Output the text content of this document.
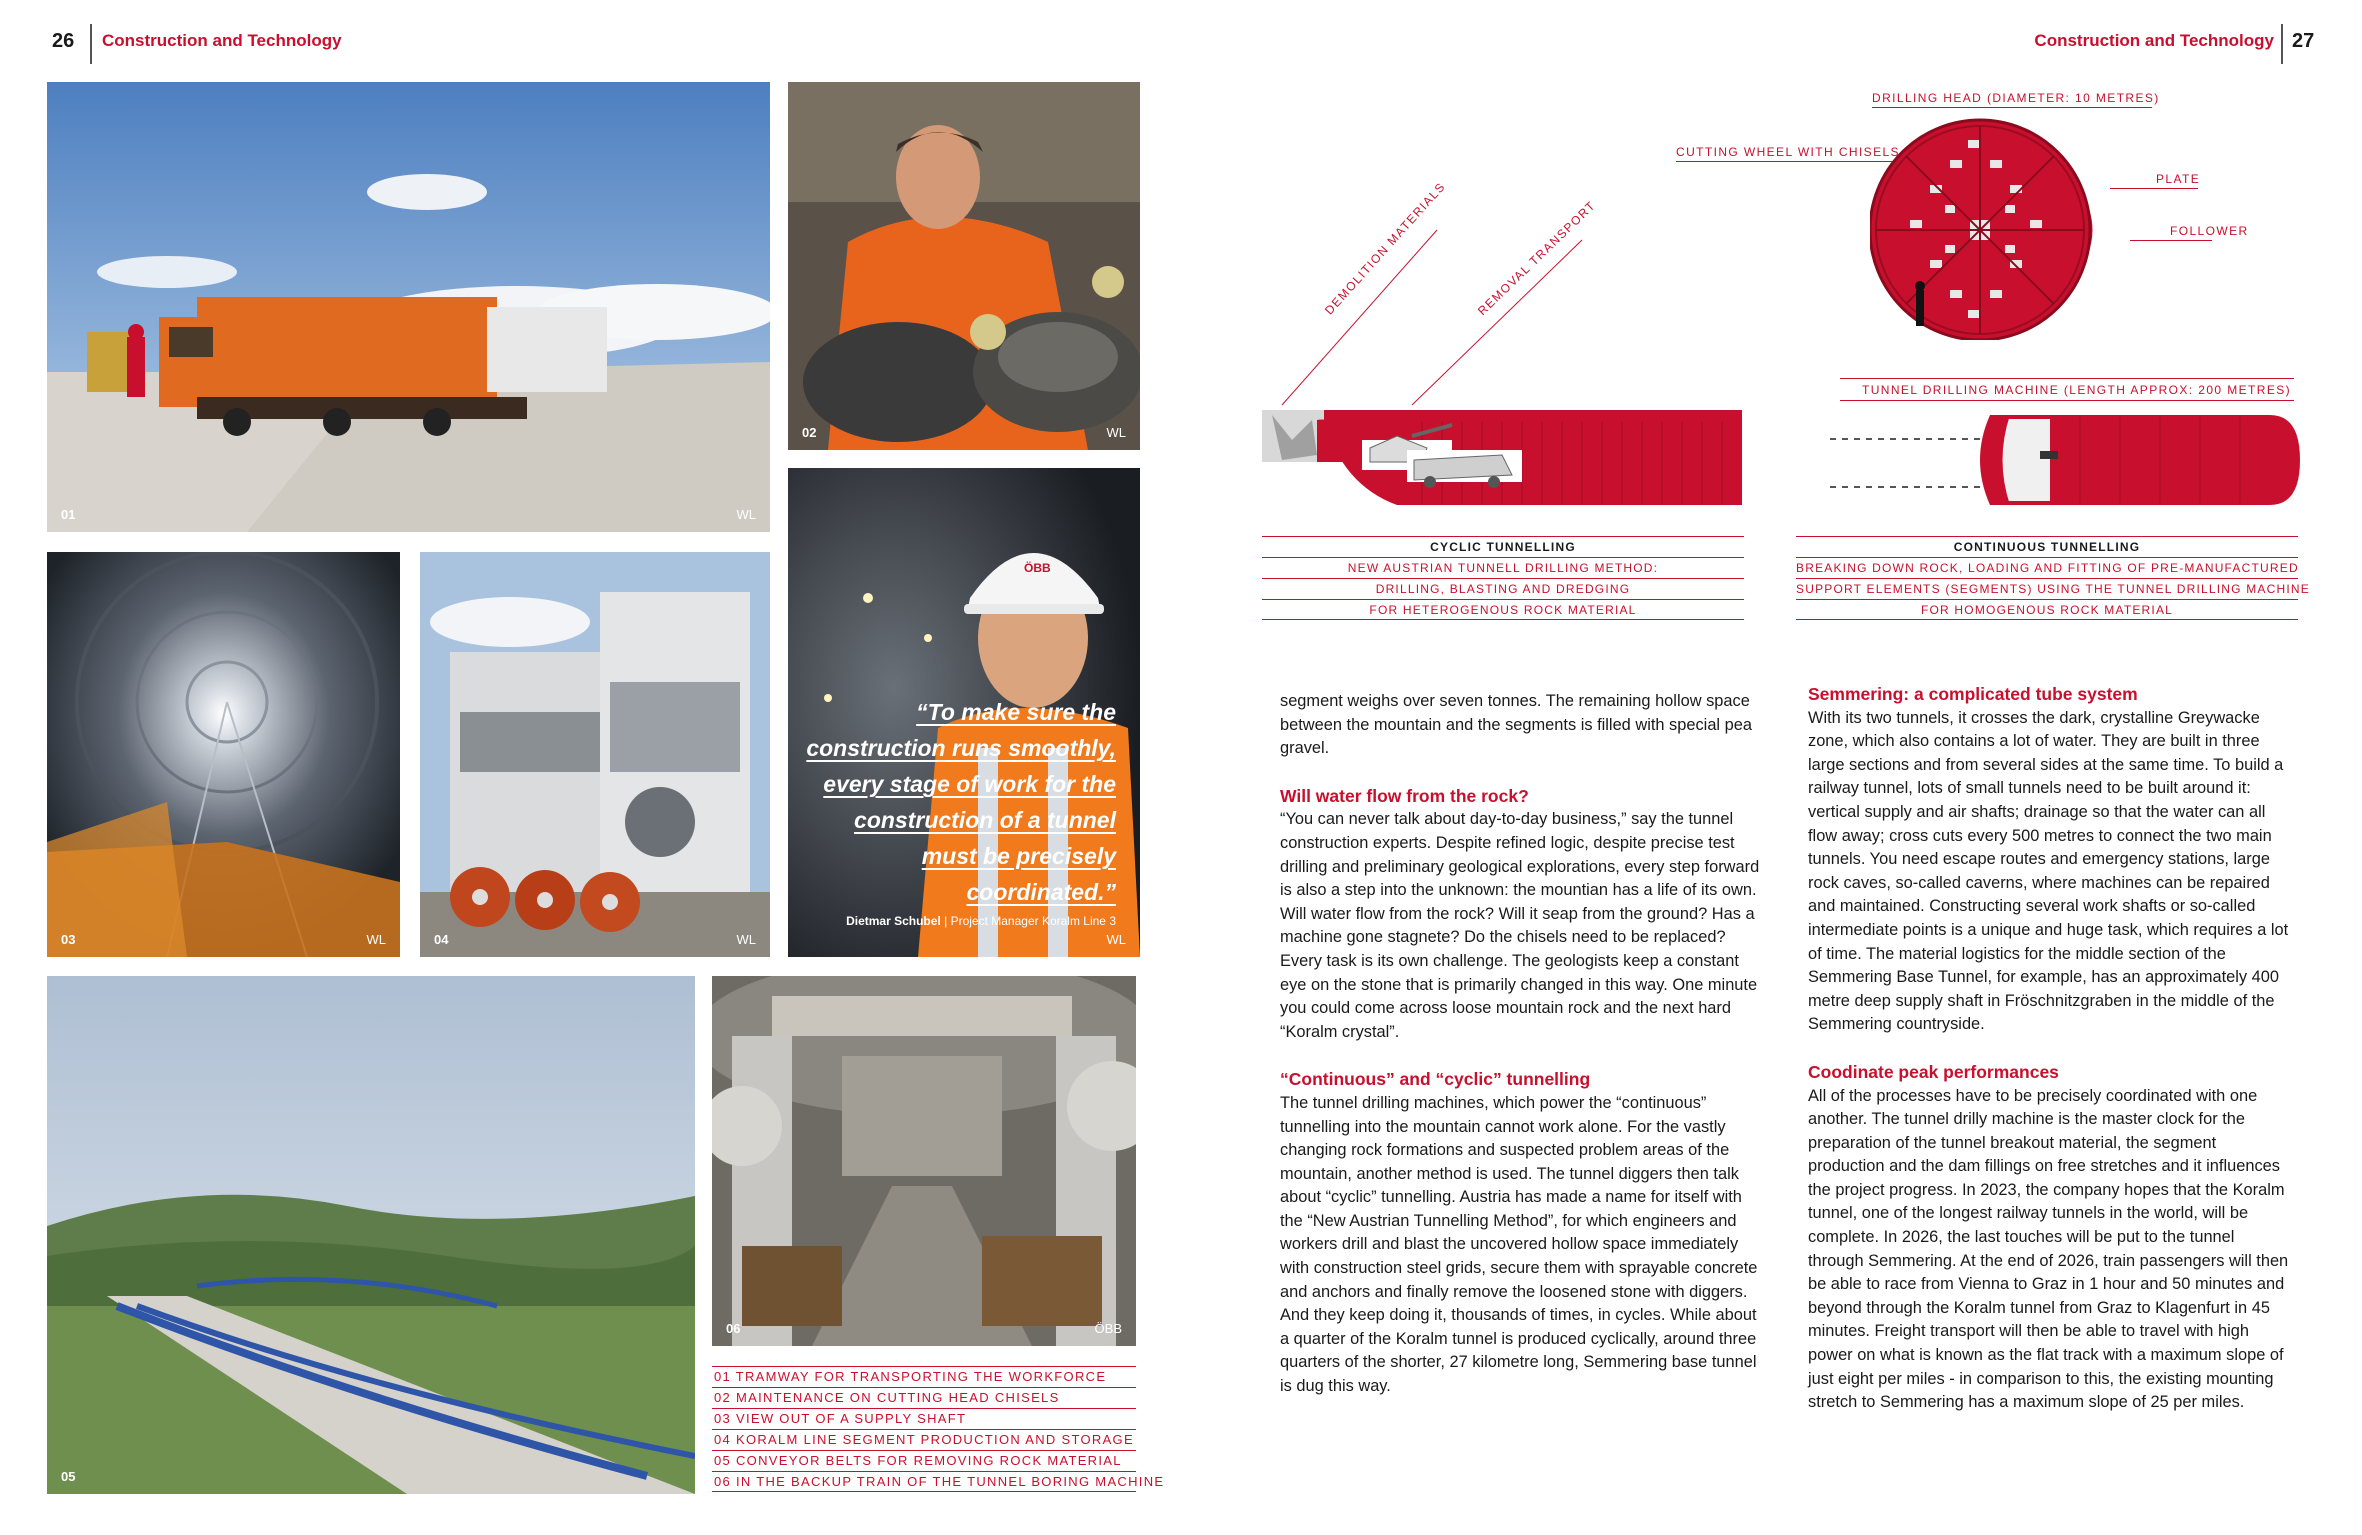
26 Construction and Technology	Construction and Technology 27
01	WL
02	WL
03	WL	04	WL
ÖBB
“To make sure the construction runs smoothly, every stage of work for the construction of a tunnel must be precisely coordinated.”
Dietmar Schubel | Project Manager Koralm Line 3
WL
05
06	ÖBB
01 TRAMWAY FOR TRANSPORTING THE WORKFORCE
02 MAINTENANCE ON CUTTING HEAD CHISELS
03 VIEW OUT OF A SUPPLY SHAFT
04 KORALM LINE SEGMENT PRODUCTION AND STORAGE
05 CONVEYOR BELTS FOR REMOVING ROCK MATERIAL
06 IN THE BACKUP TRAIN OF THE TUNNEL BORING MACHINE
DEMOLITION MATERIALS REMOVAL TRANSPORT
CYCLIC TUNNELLING
NEW AUSTRIAN TUNNELL DRILLING METHOD:
DRILLING, BLASTING AND DREDGING
FOR HETEROGENOUS ROCK MATERIAL
DRILLING HEAD (DIAMETER: 10 METRES)
CUTTING WHEEL WITH CHISELS
PLATE
FOLLOWER
TUNNEL DRILLING MACHINE (LENGTH APPROX: 200 METRES)
CONTINUOUS TUNNELLING
BREAKING DOWN ROCK, LOADING AND FITTING OF PRE-MANUFACTURED
SUPPORT ELEMENTS (SEGMENTS) USING THE TUNNEL DRILLING MACHINE
FOR HOMOGENOUS ROCK MATERIAL

segment weighs over seven tonnes. The remaining hollow space between the mountain and the segments is filled with special pea gravel.

Will water flow from the rock?

“You can never talk about day-to-day business,” say the tunnel construction experts. Despite refined logic, despite precise test drilling and preliminary geological explorations, every step forward is also a step into the unknown: the mountian has a life of its own. Will water flow from the rock? Will it seap from the ground? Has a machine gone stagnete? Do the chisels need to be replaced? Every task is its own challenge. The geologists keep a constant eye on the stone that is primarily changed in this way. One minute you could come across loose mountain rock and the next hard “Koralm crystal”.

“Continuous” and “cyclic” tunnelling

The tunnel drilling machines, which power the “continuous” tunnelling into the mountain cannot work alone. For the vastly changing rock formations and suspected problem areas of the mountain, another method is used. The tunnel diggers then talk about “cyclic” tunnelling. Austria has made a name for itself with the “New Austrian Tunnelling Method”, for which engineers and workers drill and blast the uncovered hollow space immediately with construction steel grids, secure them with sprayable concrete and anchors and finally remove the loosened stone with diggers. And they keep doing it, thousands of times, in cycles. While about a quarter of the Koralm tunnel is produced cyclically, around three quarters of the shorter, 27 kilometre long, Semmering base tunnel is dug this way.

Semmering: a complicated tube system

With its two tunnels, it crosses the dark, crystalline Greywacke zone, which also contains a lot of water. They are built in three large sections and from several sides at the same time. To build a railway tunnel, lots of small tunnels need to be built around it: vertical supply and air shafts; drainage so that the water can all flow away; cross cuts every 500 metres to connect the two main tunnels. You need escape routes and emergency stations, large rock caves, so-called caverns, where machines can be repaired and maintained. Constructing several work shafts or so-called intermediate points is a unique and huge task, which requires a lot of time. The material logistics for the middle section of the Semmering Base Tunnel, for example, has an approximately 400 metre deep supply shaft in Fröschnitzgraben in the middle of the Semmering countryside.

Coodinate peak performances

All of the processes have to be precisely coordinated with one another. The tunnel drilly machine is the master clock for the preparation of the tunnel breakout material, the segment production and the dam fillings on free stretches and it influences the project progress. In 2023, the company hopes that the Koralm tunnel, one of the longest railway tunnels in the world, will be complete. In 2026, the last touches will be put to the tunnel through Semmering. At the end of 2026, train passengers will then be able to race from Vienna to Graz in 1 hour and 50 minutes and beyond through the Koralm tunnel from Graz to Klagenfurt in 45 minutes. Freight transport will then be able to travel with high power on what is known as the flat track with a maximum slope of just eight per miles - in comparison to this, the existing mounting stretch to Semmering has a maximum slope of 25 per miles.
